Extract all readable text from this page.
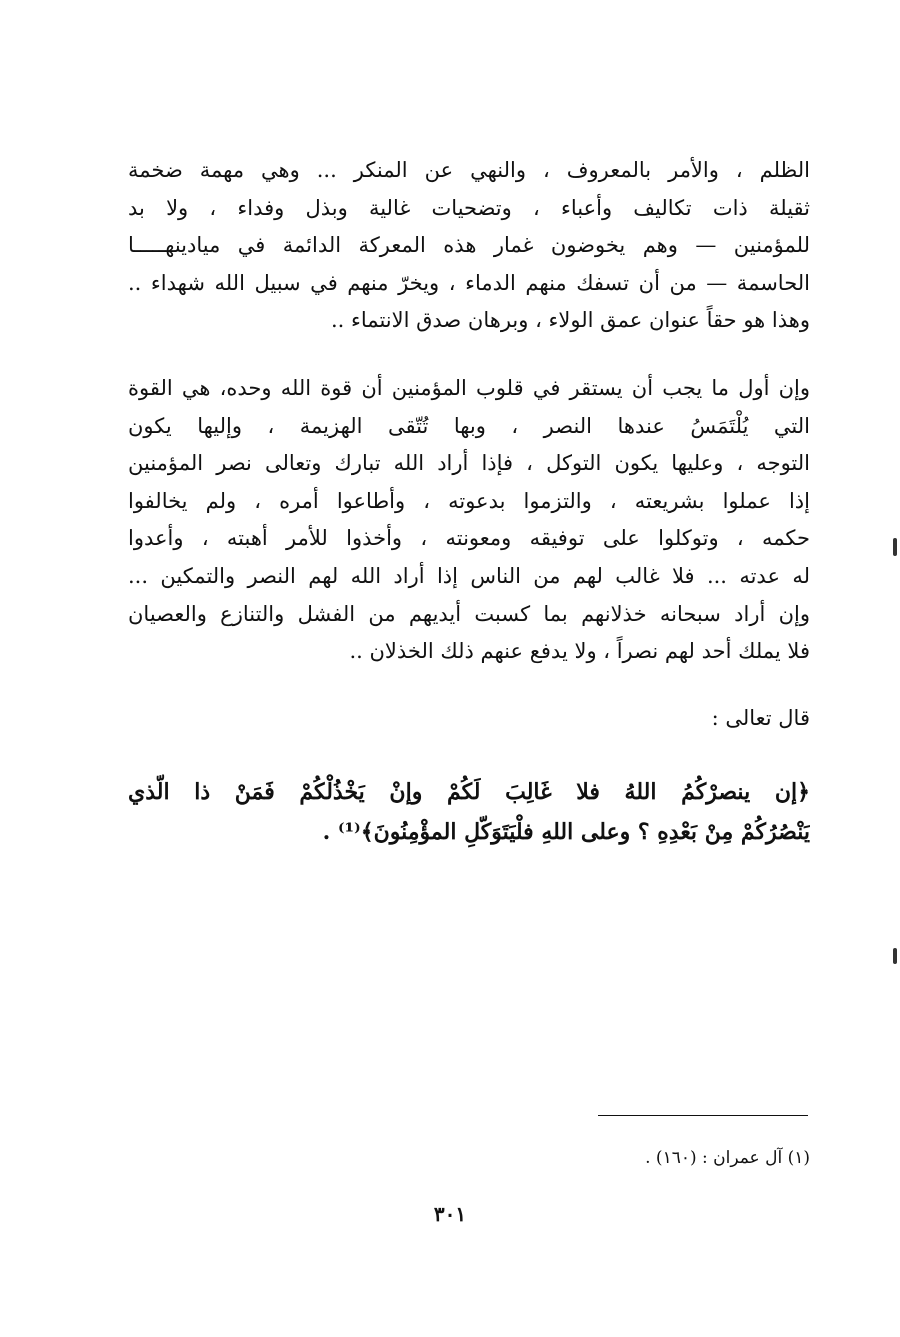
الظلم ، والأمر بالمعروف ، والنهي عن المنكر ... وهي مهمة ضخمة
ثقيلة ذات تكاليف وأعباء ، وتضحيات غالية وبذل وفداء ، ولا بد
للمؤمنين — وهم يخوضون غمار هذه المعركة الدائمة في ميادينهـــــا
الحاسمة — من أن تسفك منهم الدماء ، ويخرّ منهم في سبيل الله شهداء ..
وهذا هو حقاً عنوان عمق الولاء ، وبرهان صدق الانتماء ..
وإن أول ما يجب أن يستقر في قلوب المؤمنين أن قوة الله وحده، هي القوة
التي يُلْتَمَسُ عندها النصر ، وبها تُتّقى الهزيمة ، وإليها يكون
التوجه ، وعليها يكون التوكل ، فإذا أراد الله تبارك وتعالى نصر المؤمنين
إذا عملوا بشريعته ، والتزموا بدعوته ، وأطاعوا أمره ، ولم يخالفوا
حكمه ، وتوكلوا على توفيقه ومعونته ، وأخذوا للأمر أهبته ، وأعدوا
له عدته ... فلا غالب لهم من الناس إذا أراد الله لهم النصر والتمكين ...
وإن أراد سبحانه خذلانهم بما كسبت أيديهم من الفشل والتنازع والعصيان
فلا يملك أحد لهم نصراً ، ولا يدفع عنهم ذلك الخذلان ..
قال تعالى :
﴿إن ينصرْكُمُ اللهُ فلا غَالِبَ لَكُمْ وإنْ يَخْذُلْكُمْ فَمَنْ ذا الّذي
يَنْصُرُكُمْ مِنْ بَعْدِهِ ؟ وعلى اللهِ فلْيَتَوَكّلِ المؤْمِنُونَ﴾⁽¹⁾ .
(١) آل عمران : (١٦٠) .
٣٠١
